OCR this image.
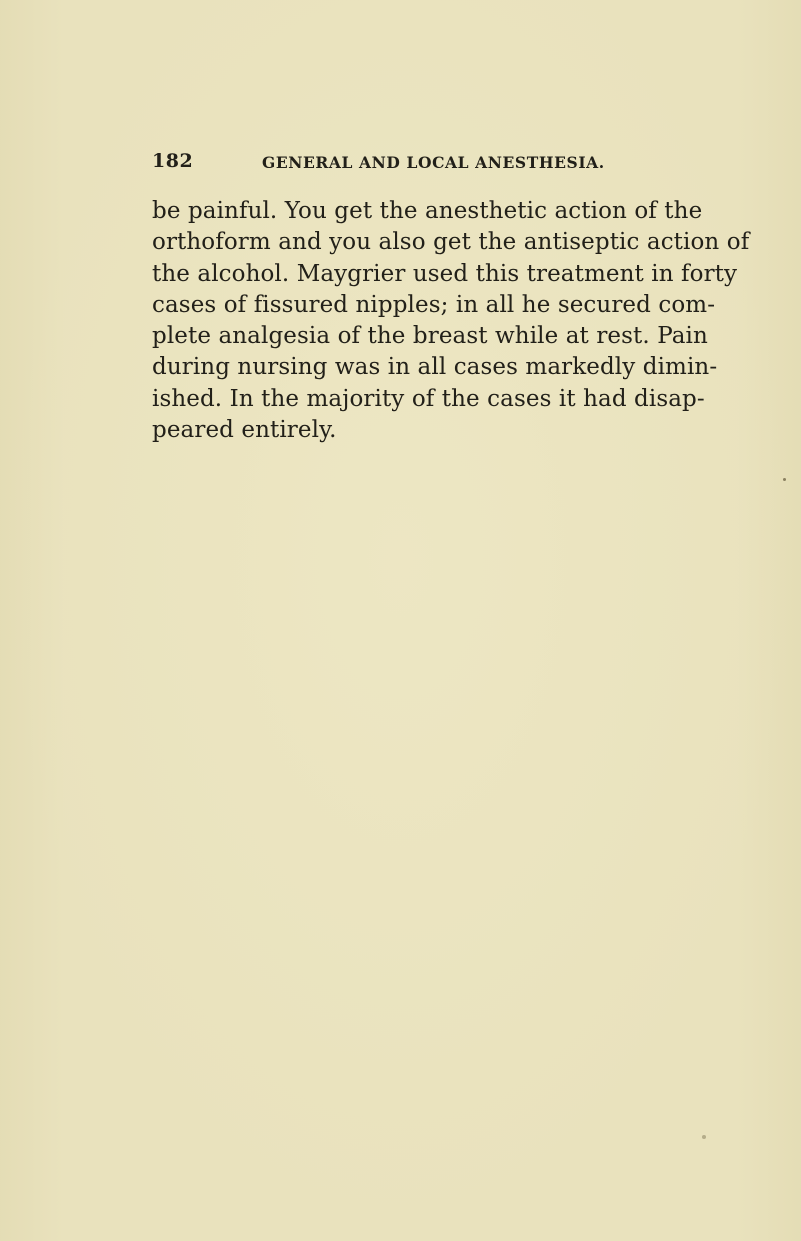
182	GENERAL AND LOCAL ANESTHESIA.
be painful. You get the anesthetic action of the
orthoform and you also get the antiseptic action of
the alcohol. Maygrier used this treatment in forty
cases of fissured nipples; in all he secured com-
plete analgesia of the breast while at rest. Pain
during nursing was in all cases markedly dimin-
ished. In the majority of the cases it had disap-
peared entirely.
